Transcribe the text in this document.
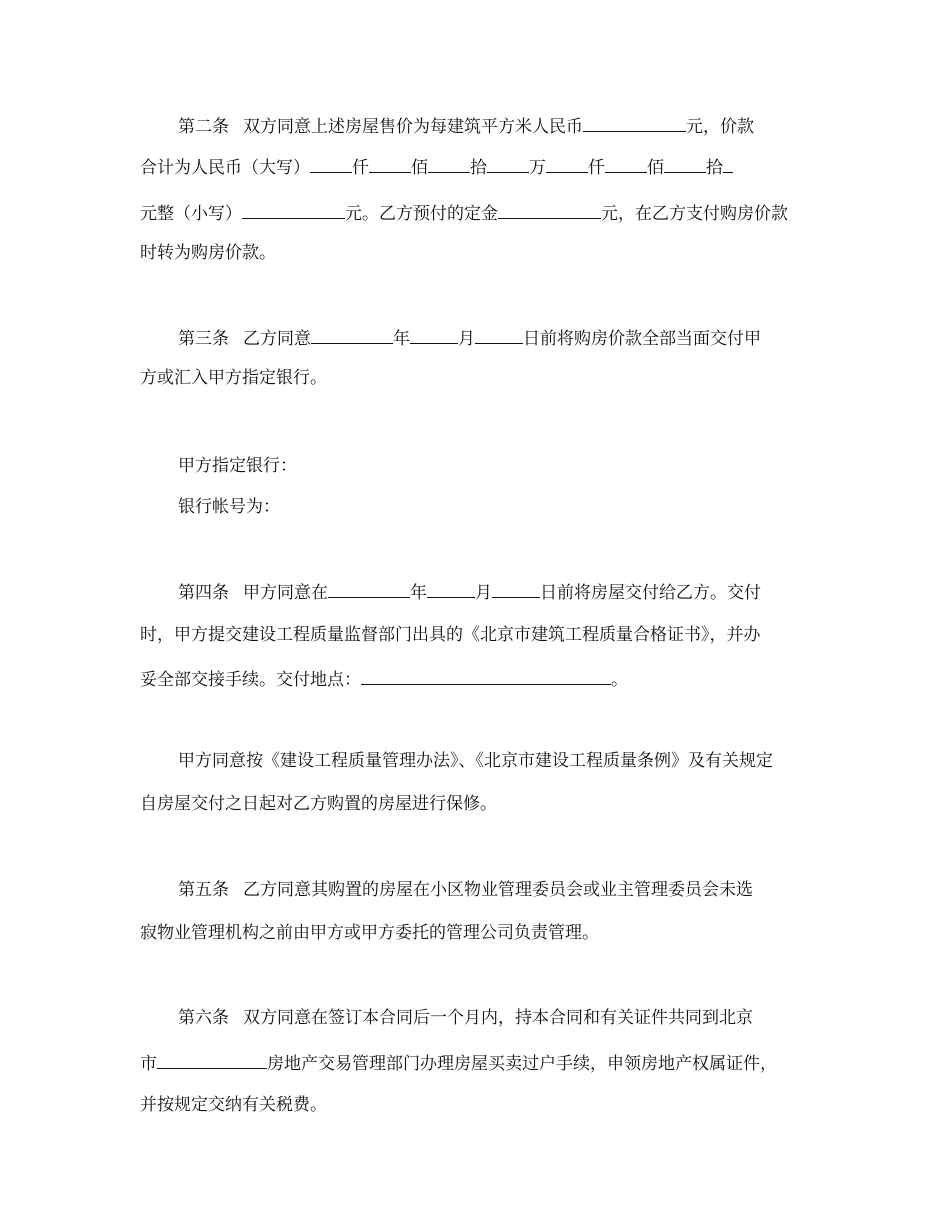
第二条 双方同意上述房屋售价为每建筑平方米人民币	元，价款
合计为人民币（大写） 仟 佰 拾 万 仟 佰 拾
元整（小写）	元。乙方预付的定金	元，在乙方支付购房价款
时转为购房价款。
第三条 乙方同意	年	月	日前将购房价款全部当面交付甲
方或汇入甲方指定银行。
甲方指定银行：
银行帐号为：
第四条 甲方同意在	年	月	日前将房屋交付给乙方。交付
时，甲方提交建设工程质量监督部门出具的《北京市建筑工程质量合格证书》，并办
妥全部交接手续。交付地点：	。
甲方同意按《建设工程质量管理办法》、《北京市建设工程质量条例》及有关规定
自房屋交付之日起对乙方购置的房屋进行保修。
第五条 乙方同意其购置的房屋在小区物业管理委员会或业主管理委员会未选
寂物业管理机构之前由甲方或甲方委托的管理公司负责管理。
第六条 双方同意在签订本合同后一个月内，持本合同和有关证件共同到北京
市	房地产交易管理部门办理房屋买卖过户手续，申领房地产权属证件，
并按规定交纳有关税费。
